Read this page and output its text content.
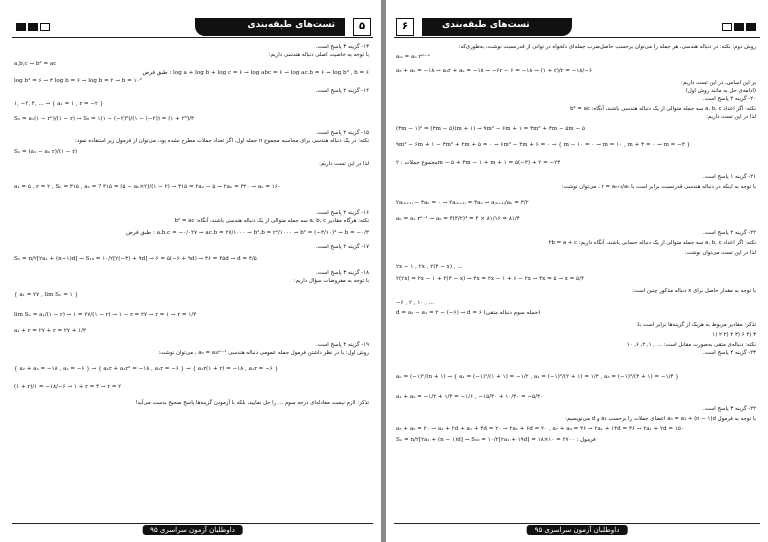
تست‌های طبقه‌بندی	۵
۱۳- گزینه ۳ پاسخ است.
با توجه به خاصیت اصلی دنباله هندسی داریم:
a,b,c → b² = ac
log a + log b + log c = ۶ → log abc = ۶ → log ac.b = ۶ → log b³ , b = ۶ : طبق فرض
log b³ = ۶ → ۳ log b = ۶ → log b = ۲ → b = ۱۰²
۱۴- گزینه ۲ پاسخ است.
۱, −۲, ۴, ... → { a₁ = ۱ , r = −۲ }
Sₙ = a₁(۱ − rⁿ)/(۱ − r) → S₆ = ۱(۱ − (−۲)⁶)/(۱ − (−۲)) = (۱ + ۲⁶)/۳
۱۵- گزینه ۲ پاسخ است.
نکته: در یک دنباله هندسی برای محاسبه مجموع n جمله اول، اگر تعداد جملات مطرح نشده بود، می‌توان از فرمول زیر استفاده نمود:
Sₙ = (a₁ − aₙ r)/(۱ − r)
لذا در این تست داریم:
a₁ = ۵ , r = ۲ , Sₙ = ۳۱۵ , aₙ = ? ۳۱۵ = (۵ − aₙ×۲)/(۱ − ۲) → ۳۱۵ = ۲aₙ − ۵ → ۲aₙ = ۳۲۰ → aₙ = ۱۶۰
۱۶- گزینه ۲ پاسخ است.
نکته: هرگاه مقادیر a, b, c سه جمله متوالی از یک دنباله هندسی باشند، آنگاه: b² = ac
a.b.c = −۰/۰۲۷ → ac.b = ۲۷/۱۰۰۰ → b².b = r³/۱۰۰۰ → b³ = (−۳/۱۰)³ → b = −۰/۳ : طبق فرض
۱۷- گزینه ۲ پاسخ است.
Sₙ = n/۲[۲a₁ + (n−۱)d] → S₁₀ = ۱۰/۲[۲(−۳) + ۹d] → ۶ = ۵(−۶ + ۹d) → ۳۶ = ۴۵d → d = ۴/۵
۱۸- گزینه ۳ پاسخ است.
با توجه به مفروضات سؤال داریم:
{ a₁ = ۲۷ , lim Sₙ = ۱ }
lim Sₙ = a₁/(۱ − r) → ۱ = ۲۷/(۱ − r) → ۱ − r = ۲۷ → r = ۱ → r = ۱/۳
a₁ + r = ۲۷ + r = ۲۷ + ۱/۳
۱۹- گزینه ۴ پاسخ است.
روش اول: با در نظر داشتن فرمول جمله عمومی دنباله هندسی aₙ = a₁rⁿ⁻¹ ، می‌توان نوشت:
{ a₂ + a₃ = −۱۸ , a₂ = −۶ } → { a₁r + a₁r² = −۱۸ , a₁r = −۶ } → { a₁r(۱ + r) = −۱۸ , a₁r = −۶ }
(۱ + r)/۱ = −۱۸/−۶ → ۱ + r = ۳ → r = ۲
تذکر: لازم نیست معادله‌ای درجه سوم ... را حل نمایید، بلکه با آزمودن گزینه‌ها پاسخ صحیح بدست می‌آید!
داوطلبان آزمون سراسری ۹۵
۶	تست‌های طبقه‌بندی
روش دوم: نکته: در دنباله هندسی، هر جمله را می‌توان برحسب حاصل‌ضرب جمله‌ای دلخواه در توانی از قدرنسبت نوشت، به‌طوری‌که:
aₘ = aₙ rᵐ⁻ⁿ
a₃ + a₂ = −۱۸ → a₂r + a₂ = −۱۸ → −۶r − ۶ = −۱۸ → (۱ + r)/r = −۱۸/−۶
بر این اساس، در این تست داریم:
(ادامه‌ی حل به مانند روش اول)
۲۰- گزینه ۴ پاسخ است.
نکته: اگر اعداد a, b, c سه جمله متوالی از یک دنباله هندسی باشند، آنگاه: b² = ac
لذا در این تست داریم:
(۳m − ۱)² = (۳m − ۵)(m + ۱) → ۹m² − ۶m + ۱ = ۳m² + ۳m − ۵m − ۵
۹m² − ۶m + ۱ − ۳m² + ۲m + ۵ = ۰ → ۶m² − ۴m + ۶ = ۰ → { m − ۱۰ = ۰ → m = ۱۰ , m + ۳ = ۰ → m = −۳ }
مجموع جملات : ۲m − ۵ + ۳m − ۱ + m + ۱ = ۵(−۳) + ۲ = −۲۳
۲۱- گزینه ۱ پاسخ است.
با توجه به اینکه در دنباله هندسی قدرنسبت برابر است با r = aₙ₊₁/aₙ ، می‌توان نوشت:
۲a₍ₙ₊₁₎ − ۳aₙ = ۰ → ۲a₍ₙ₊₁₎ = ۳aₙ → a₍ₙ₊₁₎/aₙ = ۳/۲
aₙ = a₁ rⁿ⁻¹ → a₅ = ۴(۳/۲)⁴ = ۴ × ۸۱/۱۶ = ۸۱/۴
۲۲- گزینه ۴ پاسخ است.
نکته: اگر اعداد a, b, c سه جمله متوالی از یک دنباله حسابی باشند، آنگاه داریم: ۲b = a + c
لذا در این تست می‌توان نوشت:
۲x − ۱ , ۲x , ۲(۳ − x) , ...
۲(۲x) = ۲x − ۱ + ۲(۳ − x) → ۴x = ۲x − ۱ + ۶ − ۲x → ۴x = ۵ → x = ۵/۴
با توجه به مقدار حاصل برای x دنباله مذکور چنین است:
−۶ , ۲ , ۱۰ , ...
d = a₂ − a₁ = ۲ − (−۶) → d = ۶ (جمله سوم دنباله متقی)
تذکر: مقادیر مربوط به هریک از گزینه‌ها برابر است با:
۳ (۴ ۶ (۳ ۴ (۲ ۲ (۱
نکته: دنباله‌ی متقی به‌صورت مقابل است: ... , ۱, ۲, ۶, ۱۰
۲۳- گزینه ۴ پاسخ است.
aₙ = (−۱)ⁿ/(n + ۱) → { a₁ = (−۱)¹/(۱ + ۱) = −۱/۲ , a₂ = (−۱)²/(۲ + ۱) = ۱/۳ , a₃ = (−۱)³/(۳ + ۱) = −۱/۴ }
a₁ + a₂ = −۱/۲ + ۱/۳ = −۱/۶ , −۱۵/۳۰ + ۱۰/۳۰ = −۵/۳۰
۲۴- گزینه ۳ پاسخ است.
با توجه به فرمول aₙ = a₁ + (n − ۱)d اعضای جملات را برحسب a₁ و d می‌نویسیم:
a₃ + a₅ = ۲۰ → a₁ + ۲d + a₁ + ۴d = ۲۰ → ۲a₁ + ۶d = ۲۰ , a₇ + a₉ = ۳۶ → ۲a₁ + ۱۴d = ۳۶ → ۲a₁ + ۲d = ۱۵۰
Sₙ = n/۲[۲a₁ + (n − ۱)d] → S₁₀ = ۱۰/۲[۲a₁ + ۱۹d] = ۱۸×۱۰ = ۲۷۰۰ : فرمول
داوطلبان آزمون سراسری ۹۵
